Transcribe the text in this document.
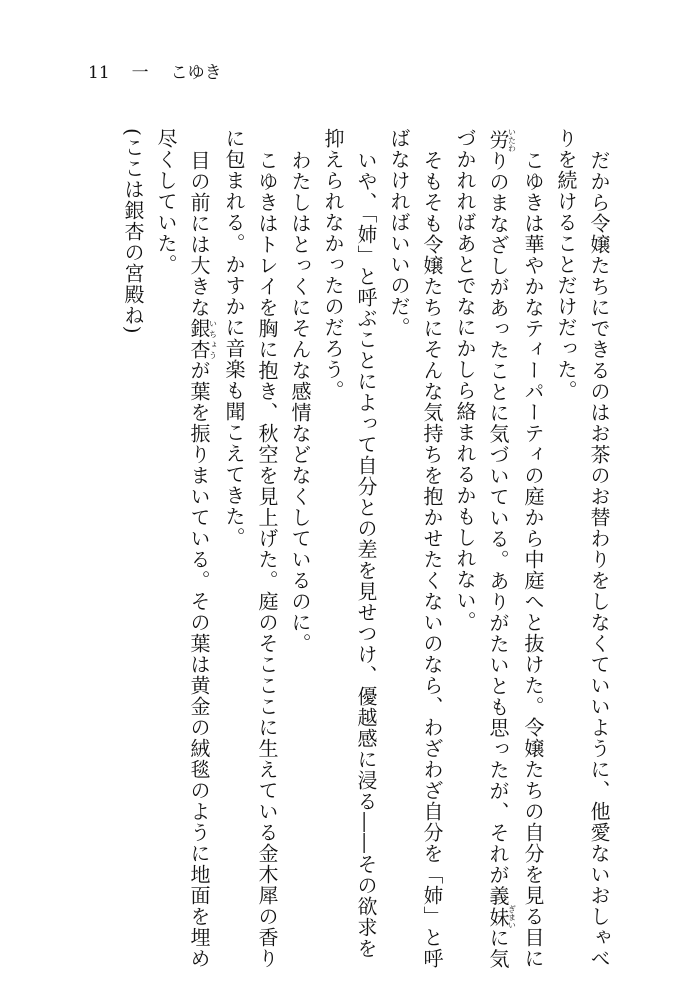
11 一 こゆき
だから令嬢たちにできるのはお茶のお替わりをしなくていいように、他愛ないおしゃべ
りを続けることだけだった。
こゆきは華やかなティーパーティの庭から中庭へと抜けた。令嬢たちの自分を見る目に
労いたわりのまなざしがあったことに気づいている。ありがたいとも思ったが、それが義妹ぎまいに気
づかれればあとでなにかしら絡まれるかもしれない。
そもそも令嬢たちにそんな気持ちを抱かせたくないのなら、わざわざ自分を「姉」と呼
ばなければいいのだ。
いや、「姉」と呼ぶことによって自分との差を見せつけ、優越感に浸る――その欲求を
抑えられなかったのだろう。
わたしはとっくにそんな感情などなくしているのに。
こゆきはトレイを胸に抱き、秋空を見上げた。庭のそこここに生えている金木犀の香り
に包まれる。かすかに音楽も聞こえてきた。
目の前には大きな銀杏いちょうが葉を振りまいている。その葉は黄金の絨毯のように地面を埋め
尽くしていた。
(ここは銀杏の宮殿ね)
